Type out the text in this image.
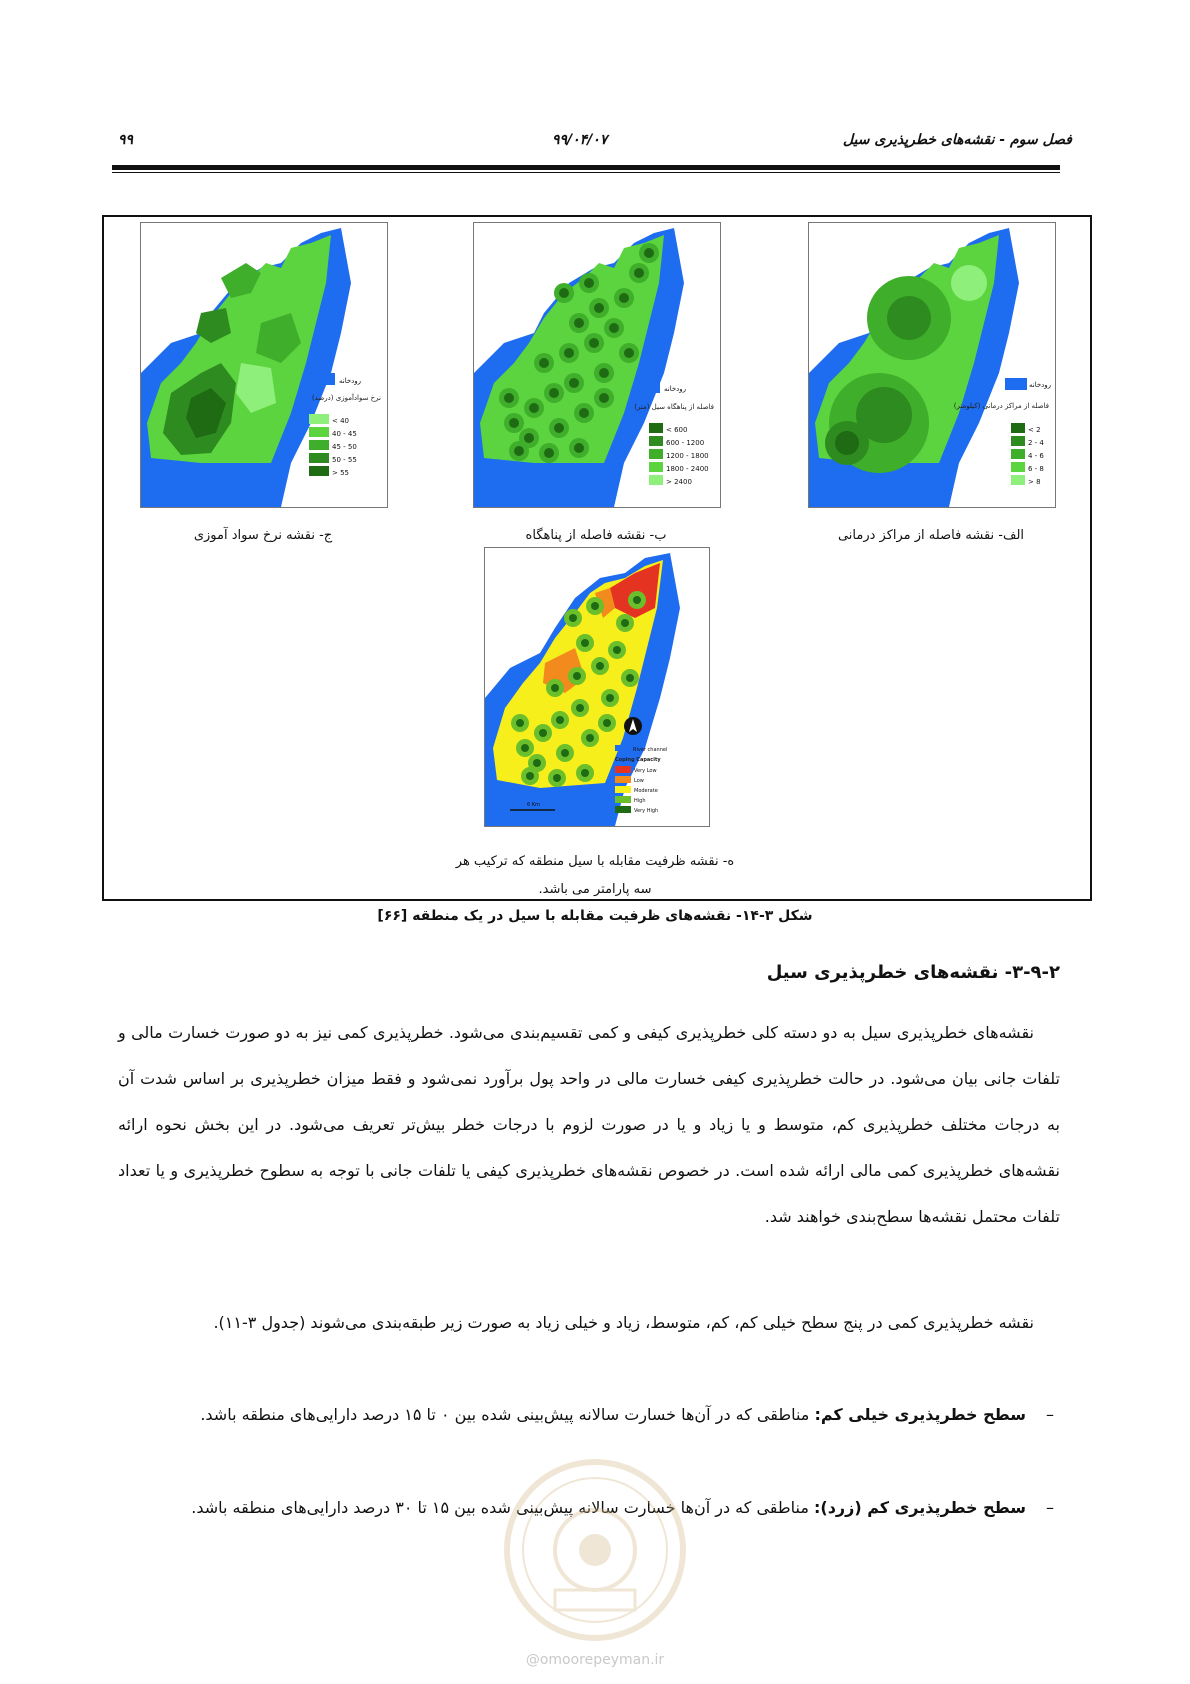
۹۹	۹۹/۰۴/۰۷	فصل سوم - نقشه‌های خطرپذیری سیل
رودخانه
فاصله از مراکز درمانی (کیلومتر)
< 2
2 - 4
4 - 6
6 - 8
> 8
الف- نقشه فاصله از مراکز درمانی
رودخانه
فاصله از پناهگاه سیل (متر)
< 600
600 - 1200
1200 - 1800
1800 - 2400
> 2400
ب- نقشه فاصله از پناهگاه
رودخانه
نرخ سوادآموزی (درصد)
< 40
40 - 45
45 - 50
50 - 55
> 55
ج- نقشه نرخ سواد آموزی
River channel
Coping Capacity
Very Low
Low
Moderate
High
Very High
6 Km
ه- نقشه ظرفیت مقابله با سیل منطقه که ترکیب هر
سه پارامتر می باشد.
شکل ۳-۱۴- نقشه‌های ظرفیت مقابله با سیل در یک منطقه [۶۶]
۳-۹-۲- نقشه‌های خطرپذیری سیل
نقشه‌های خطرپذیری سیل به دو دسته کلی خطرپذیری کیفی و کمی تقسیم‌بندی می‌شود. خطرپذیری کمی نیز به دو صورت خسارت مالی و تلفات جانی بیان می‌شود. در حالت خطرپذیری کیفی خسارت مالی در واحد پول برآورد نمی‌شود و فقط میزان خطرپذیری بر اساس شدت آن به درجات مختلف خطرپذیری کم، متوسط و یا زیاد و یا در صورت لزوم با درجات خطر بیش‌تر تعریف می‌شود. در این بخش نحوه ارائه نقشه‌های خطرپذیری کمی مالی ارائه شده است. در خصوص نقشه‌های خطرپذیری کیفی یا تلفات جانی با توجه به سطوح خطرپذیری و یا تعداد تلفات محتمل نقشه‌ها سطح‌بندی خواهند شد.
نقشه خطرپذیری کمی در پنج سطح خیلی کم، کم، متوسط، زیاد و خیلی زیاد به صورت زیر طبقه‌بندی می‌شوند (جدول ۳-۱۱).
–
سطح خطرپذیری خیلی کم: مناطقی که در آن‌ها خسارت سالانه پیش‌بینی شده بین ۰ تا ۱۵ درصد دارایی‌های منطقه باشد.
–
سطح خطرپذیری کم (زرد): مناطقی که در آن‌ها خسارت سالانه پیش‌بینی شده بین ۱۵ تا ۳۰ درصد دارایی‌های منطقه باشد.
@omoorepeyman.ir
